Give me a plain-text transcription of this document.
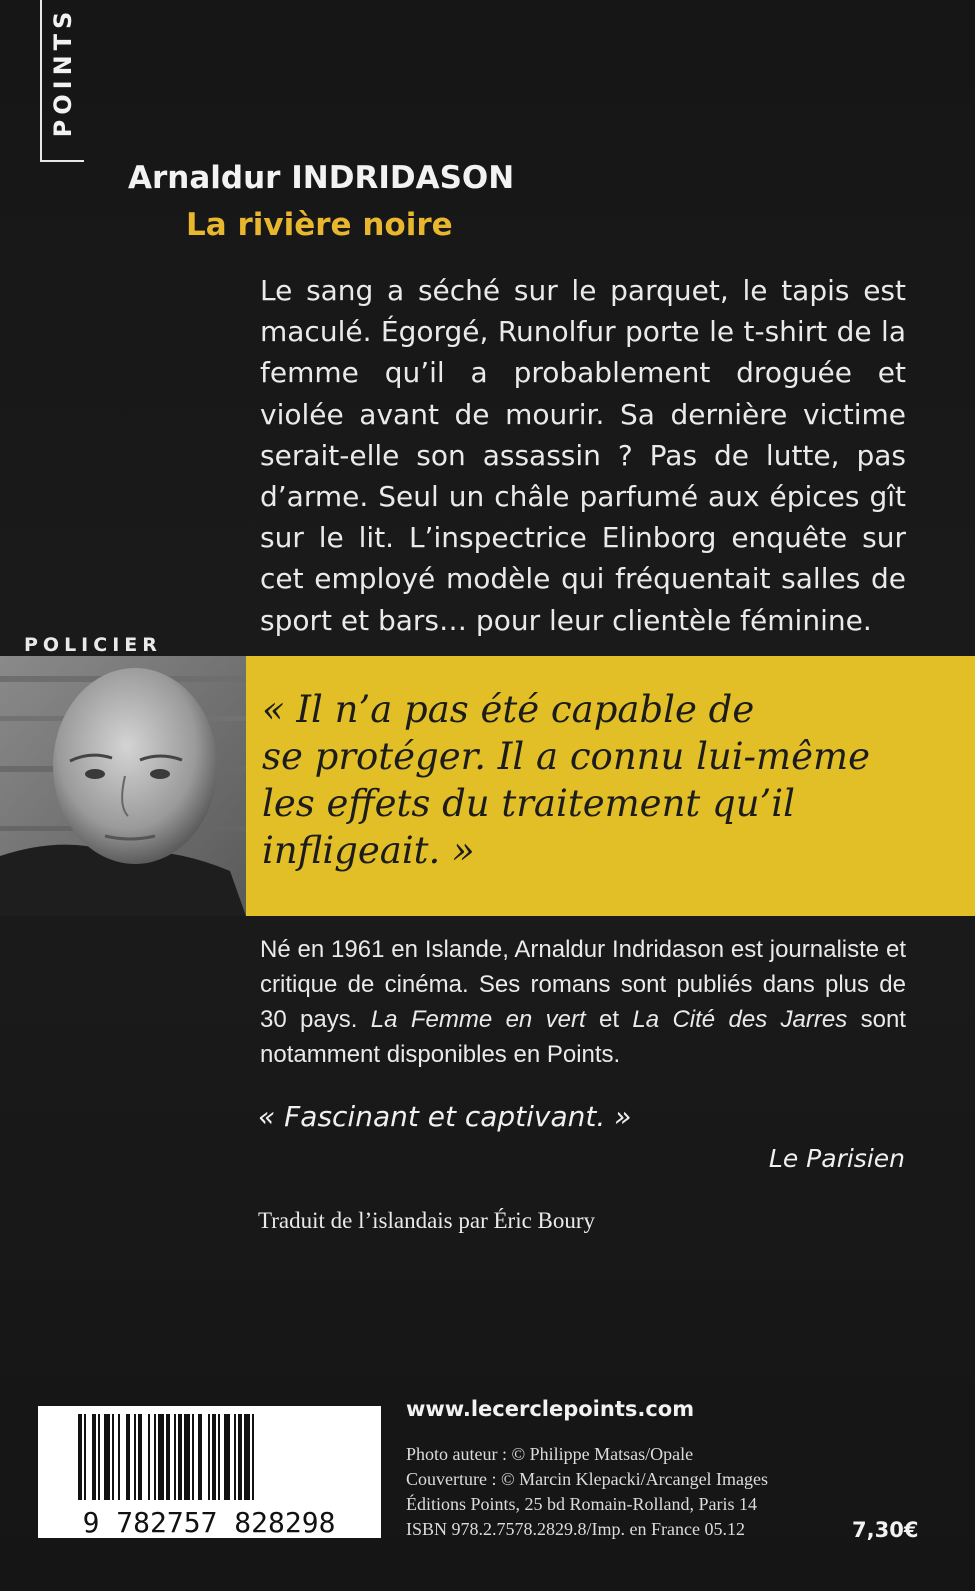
POINTS
Arnaldur INDRIDASON
La rivière noire
Le sang a séché sur le parquet, le tapis est maculé. Égorgé, Runolfur porte le t-shirt de la femme qu’il a probablement droguée et violée avant de mourir. Sa dernière victime serait-elle son assassin ? Pas de lutte, pas d’arme. Seul un châle parfumé aux épices gît sur le lit. L’inspectrice Elinborg enquête sur cet employé modèle qui fréquentait salles de sport et bars… pour leur clientèle féminine.
POLICIER
« Il n’a pas été capable de
se protéger. Il a connu lui-même
les effets du traitement qu’il
infligeait. »
Né en 1961 en Islande, Arnaldur Indridason est journaliste et critique de cinéma. Ses romans sont publiés dans plus de 30 pays. La Femme en vert et La Cité des Jarres sont notamment disponibles en Points.
« Fascinant et captivant. »
Le Parisien
Traduit de l’islandais par Éric Boury
9 782757 828298
www.lecerclepoints.com
Photo auteur : © Philippe Matsas/Opale
Couverture : © Marcin Klepacki/Arcangel Images
Éditions Points, 25 bd Romain-Rolland, Paris 14
ISBN 978.2.7578.2829.8/Imp. en France 05.12	7,30€
